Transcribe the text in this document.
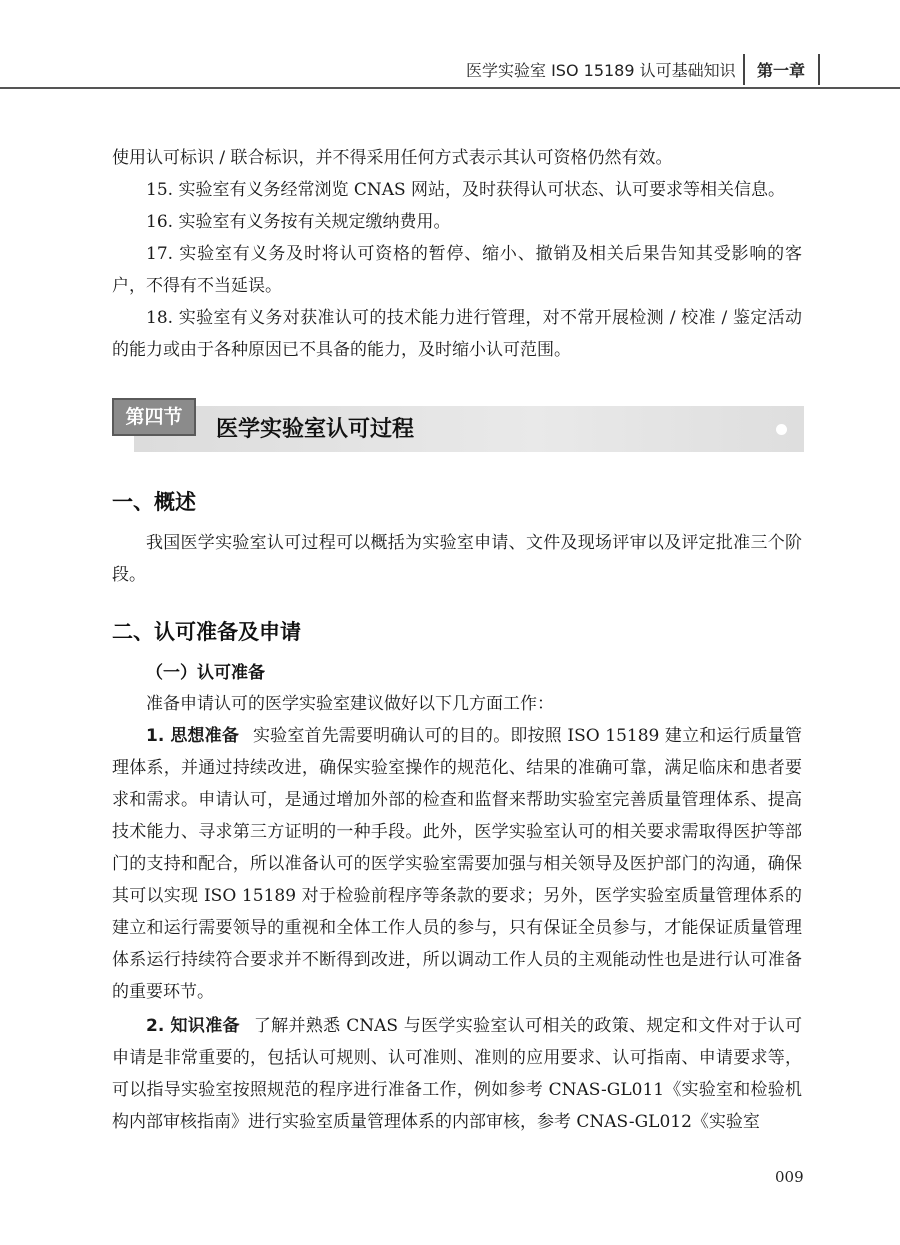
医学实验室 ISO 15189 认可基础知识 第一章

使用认可标识 / 联合标识，并不得采用任何方式表示其认可资格仍然有效。

15. 实验室有义务经常浏览 CNAS 网站，及时获得认可状态、认可要求等相关信息。

16. 实验室有义务按有关规定缴纳费用。

17. 实验室有义务及时将认可资格的暂停、缩小、撤销及相关后果告知其受影响的客户，不得有不当延误。

18. 实验室有义务对获准认可的技术能力进行管理，对不常开展检测 / 校准 / 鉴定活动的能力或由于各种原因已不具备的能力，及时缩小认可范围。

第四节	医学实验室认可过程
一、概述

我国医学实验室认可过程可以概括为实验室申请、文件及现场评审以及评定批准三个阶段。

二、认可准备及申请
（一）认可准备

准备申请认可的医学实验室建议做好以下几方面工作：

1. 思想准备 实验室首先需要明确认可的目的。即按照 ISO 15189 建立和运行质量管理体系，并通过持续改进，确保实验室操作的规范化、结果的准确可靠，满足临床和患者要求和需求。申请认可，是通过增加外部的检查和监督来帮助实验室完善质量管理体系、提高技术能力、寻求第三方证明的一种手段。此外，医学实验室认可的相关要求需取得医护等部门的支持和配合，所以准备认可的医学实验室需要加强与相关领导及医护部门的沟通，确保其可以实现 ISO 15189 对于检验前程序等条款的要求；另外，医学实验室质量管理体系的建立和运行需要领导的重视和全体工作人员的参与，只有保证全员参与，才能保证质量管理体系运行持续符合要求并不断得到改进，所以调动工作人员的主观能动性也是进行认可准备的重要环节。

2. 知识准备 了解并熟悉 CNAS 与医学实验室认可相关的政策、规定和文件对于认可申请是非常重要的，包括认可规则、认可准则、准则的应用要求、认可指南、申请要求等，可以指导实验室按照规范的程序进行准备工作，例如参考 CNAS-GL011《实验室和检验机构内部审核指南》进行实验室质量管理体系的内部审核，参考 CNAS-GL012《实验室

009
